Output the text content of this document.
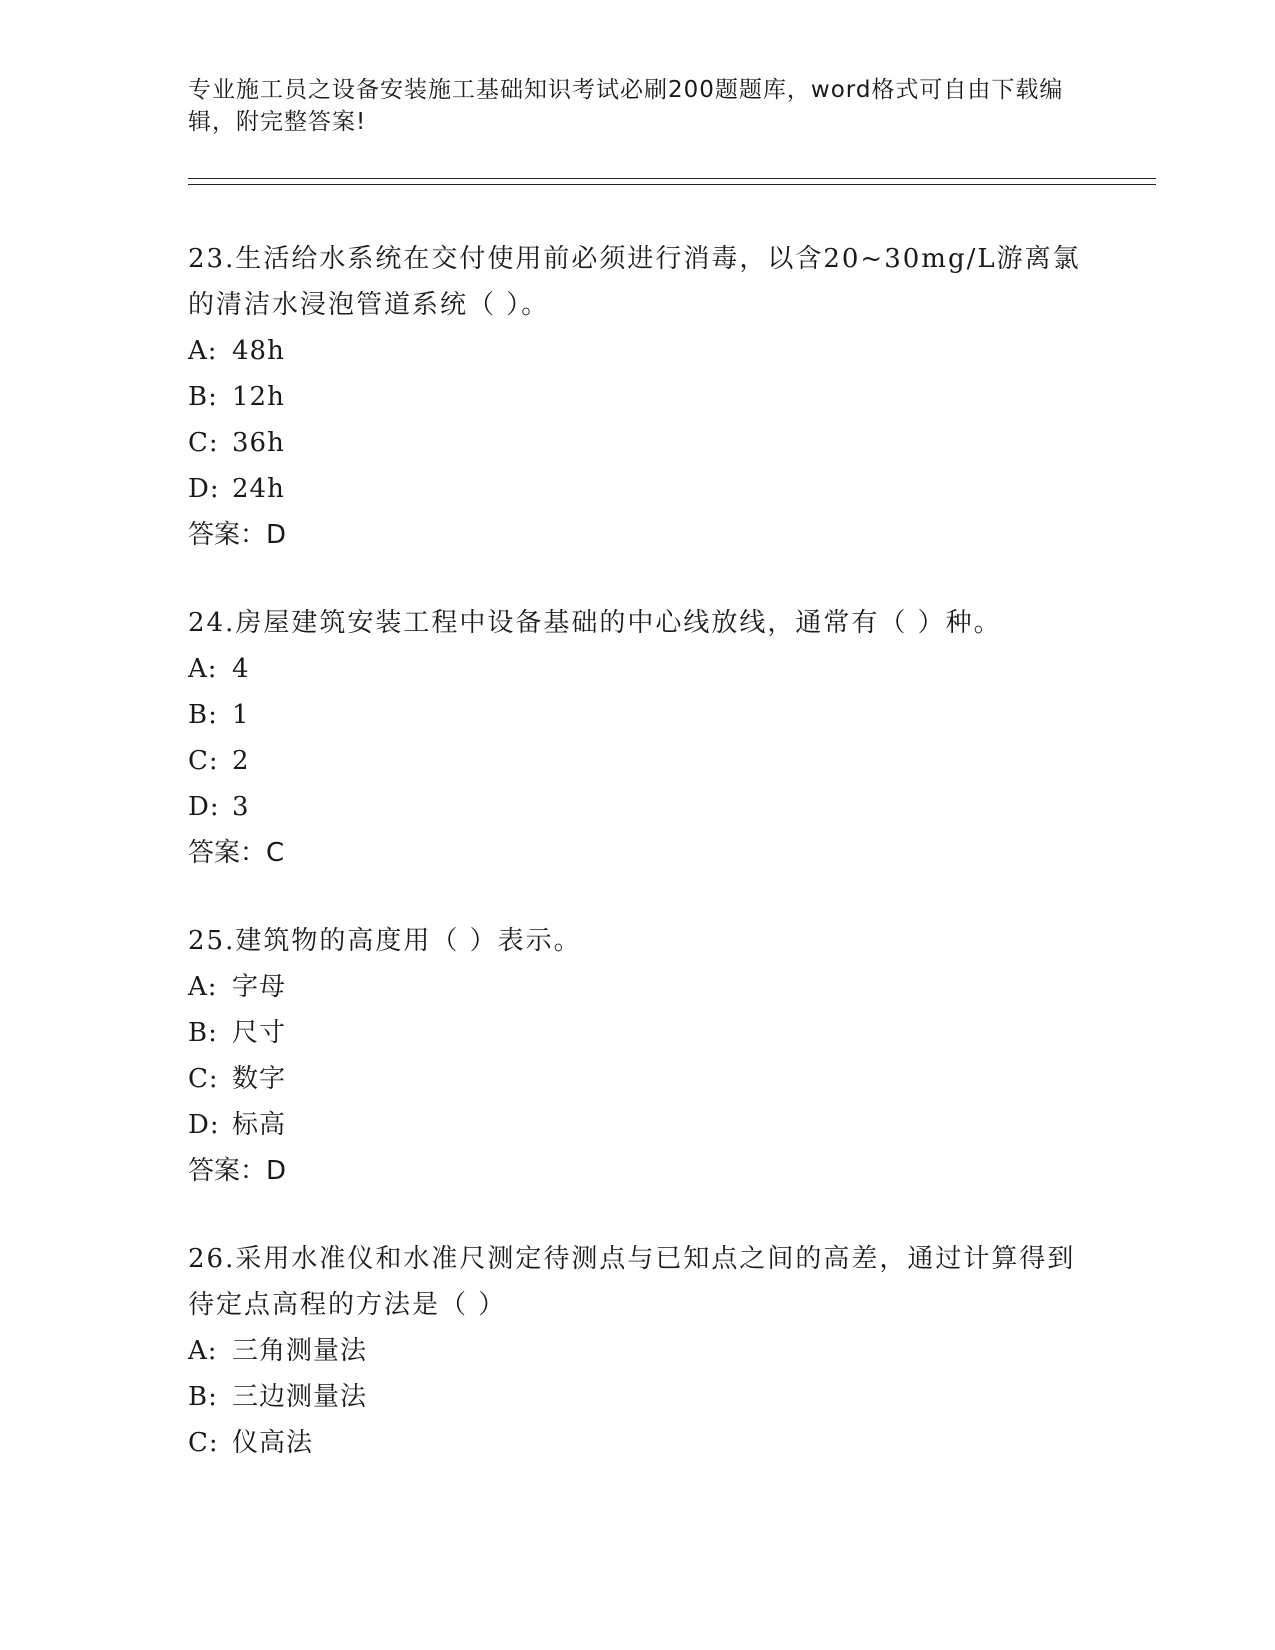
专业施工员之设备安装施工基础知识考试必刷200题题库，word格式可自由下载编辑，附完整答案!

23.生活给水系统在交付使用前必须进行消毒，以含20~30mg/L游离氯的清洁水浸泡管道系统（ ）。

A: 48h

B: 12h

C: 36h

D: 24h

答案：D

24.房屋建筑安装工程中设备基础的中心线放线，通常有（ ）种。

A: 4

B: 1

C: 2

D: 3

答案：C

25.建筑物的高度用（ ）表示。

A: 字母

B: 尺寸

C: 数字

D: 标高

答案：D

26.采用水准仪和水准尺测定待测点与已知点之间的高差，通过计算得到待定点高程的方法是（ ）

A: 三角测量法

B: 三边测量法

C: 仪高法
